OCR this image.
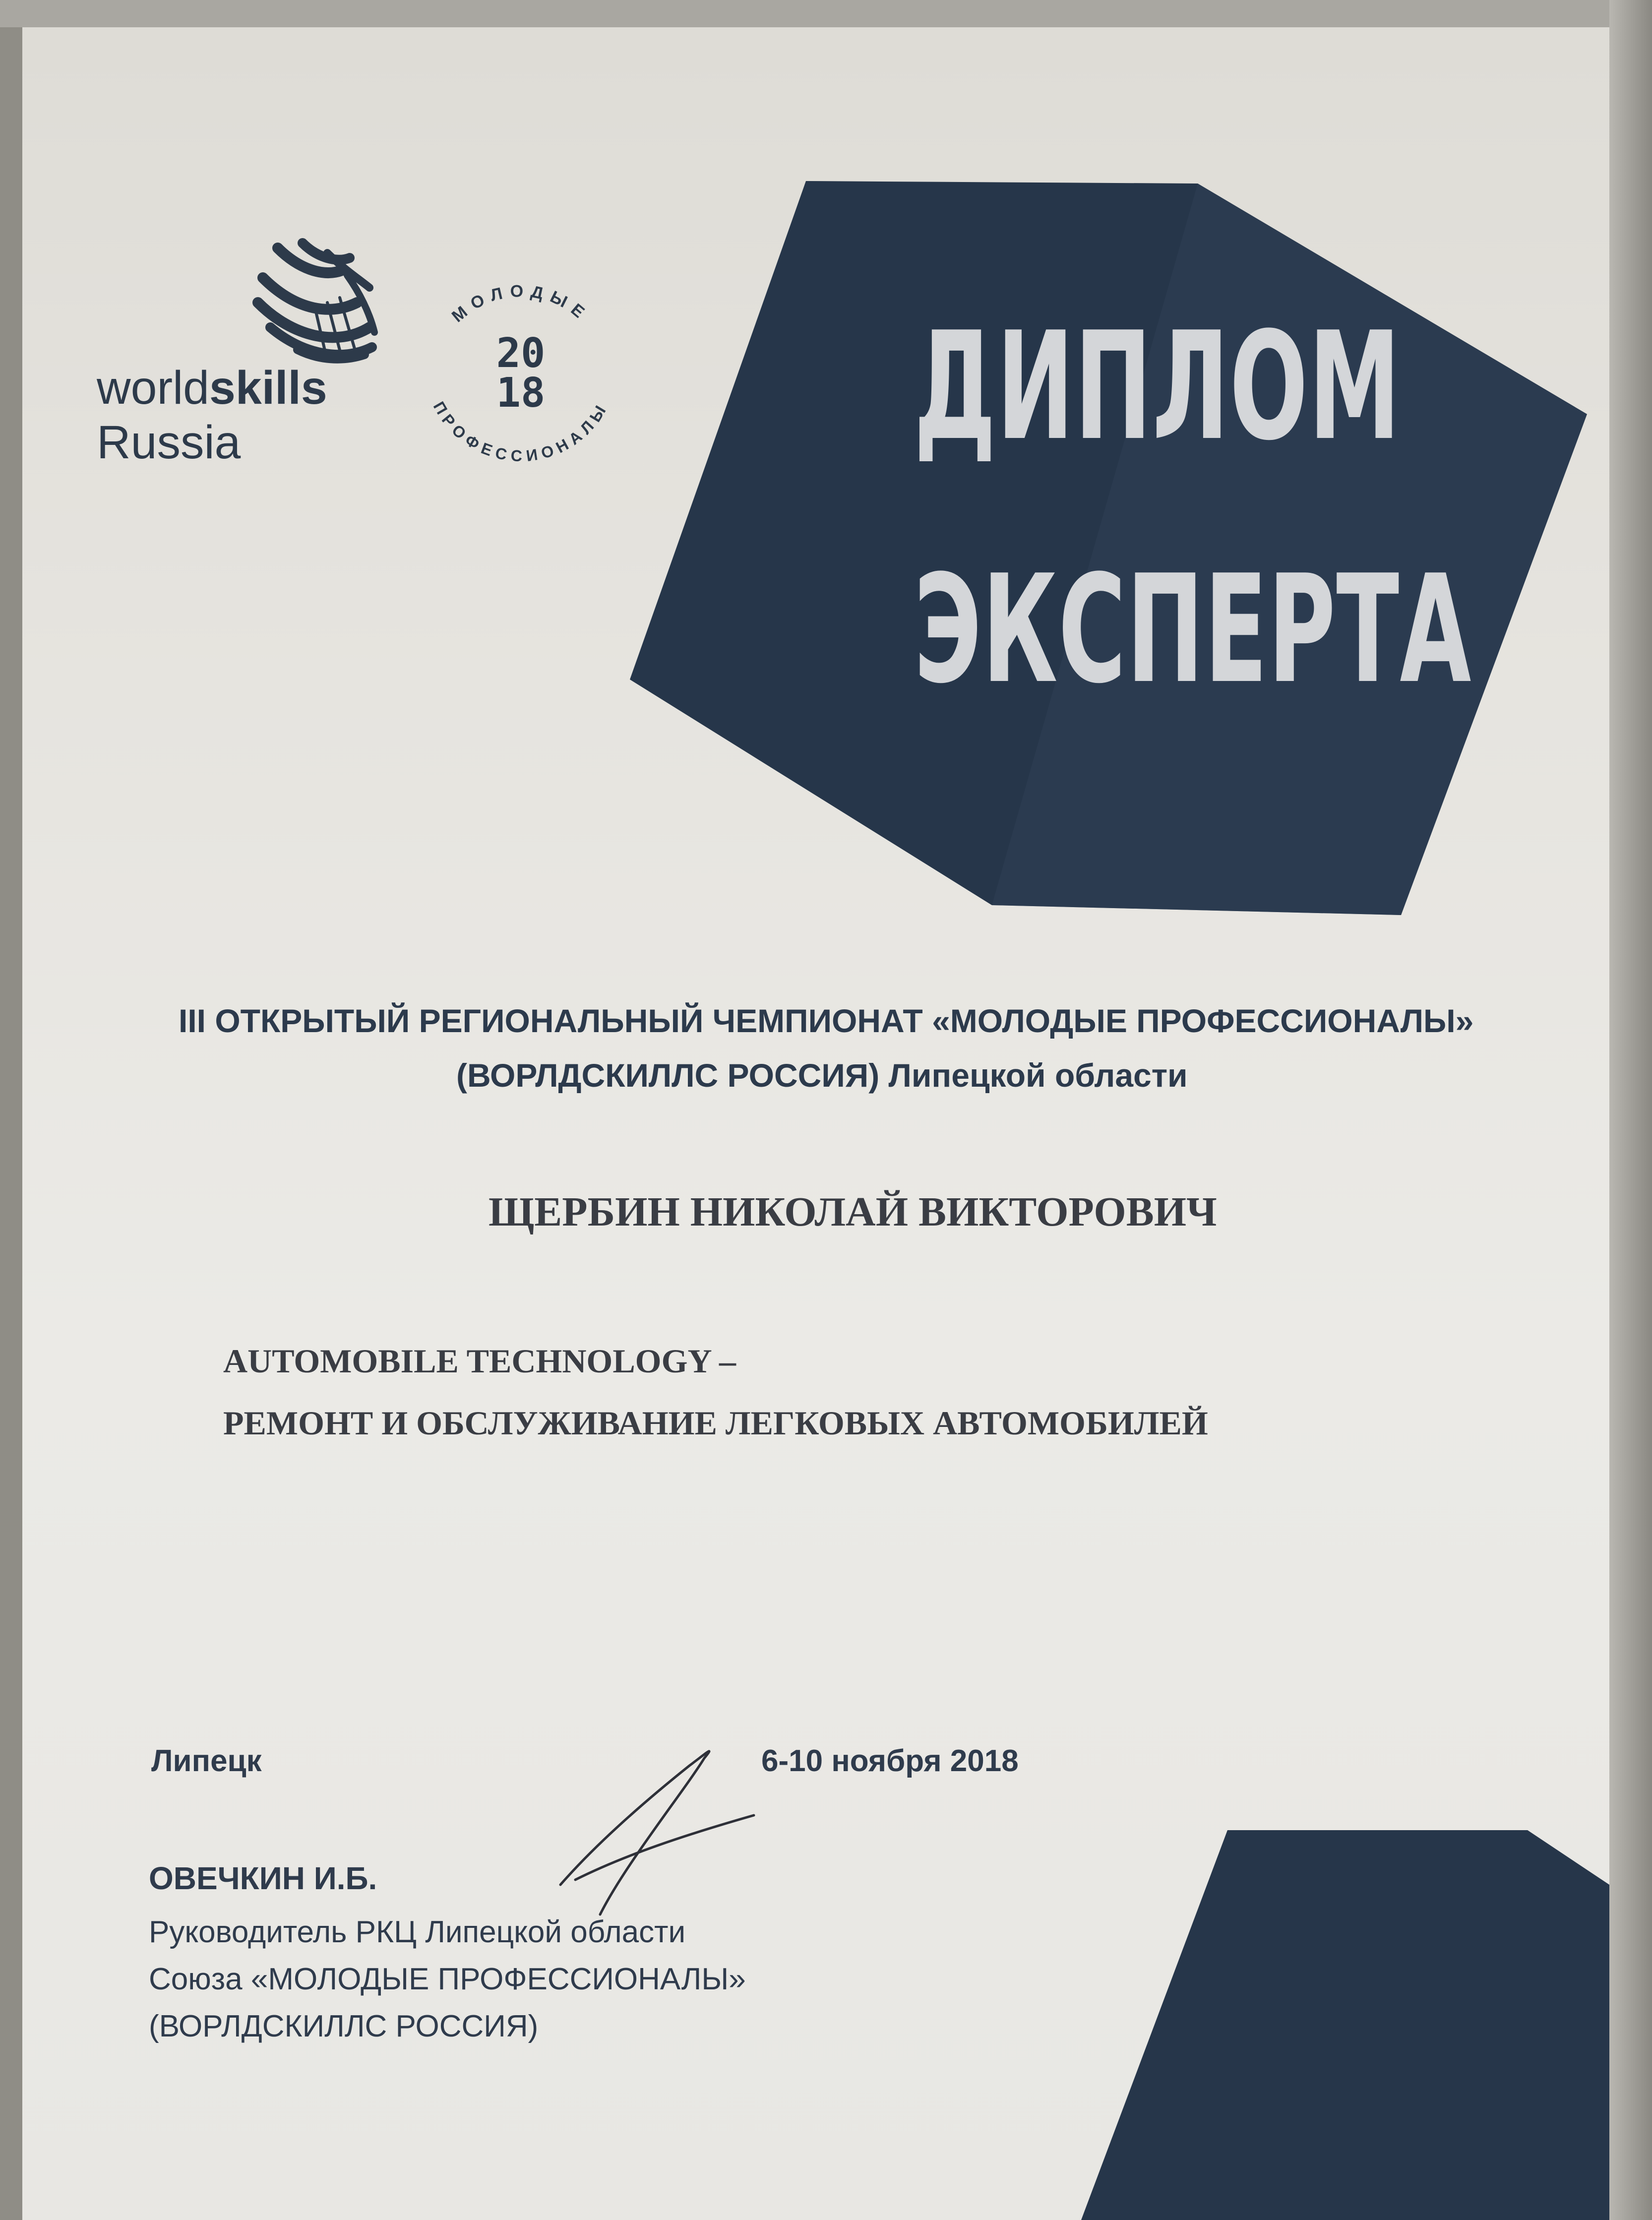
МОЛОДЫЕ
ПРОФЕССИОНАЛЫ
20
18
worldskills
Russia	ДИПЛОМ
ЭКСПЕРТА
III ОТКРЫТЫЙ РЕГИОНАЛЬНЫЙ ЧЕМПИОНАТ «МОЛОДЫЕ ПРОФЕССИОНАЛЫ»
(ВОРЛДСКИЛЛС РОССИЯ) Липецкой области
ЩЕРБИН НИКОЛАЙ ВИКТОРОВИЧ
AUTOMOBILE TECHNOLOGY –
РЕМОНТ И ОБСЛУЖИВАНИЕ ЛЕГКОВЫХ АВТОМОБИЛЕЙ
Липецк	6-10 ноября 2018
ОВЕЧКИН И.Б.
Руководитель РКЦ Липецкой области
Союза «МОЛОДЫЕ ПРОФЕССИОНАЛЫ»
(ВОРЛДСКИЛЛС РОССИЯ)
